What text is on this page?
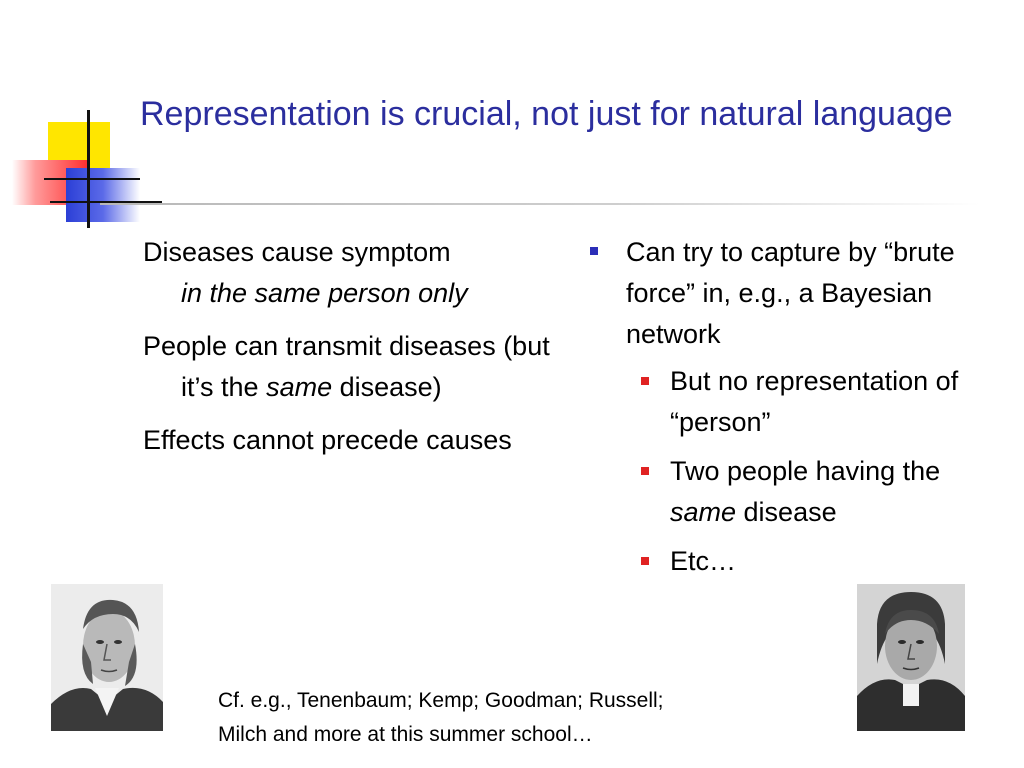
Representation is crucial, not just for natural language
Diseases cause symptom
in the same person only
People can transmit diseases (but it’s the same disease)
Effects cannot precede causes
Can try to capture by “brute force” in, e.g., a Bayesian network
But no representation of “person”
Two people having the same disease
Etc…
Cf. e.g., Tenenbaum; Kemp; Goodman; Russell;
Milch and more at this summer school…
